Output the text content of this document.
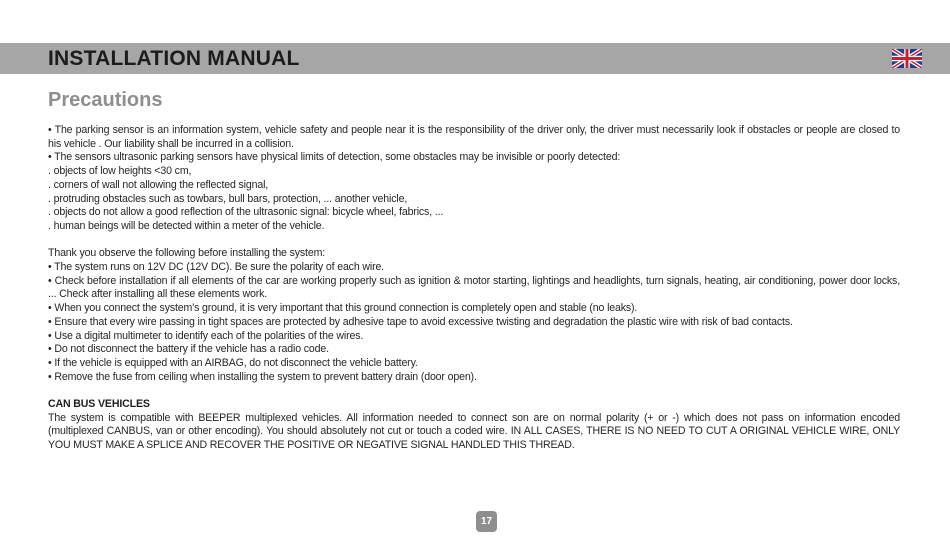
INSTALLATION MANUAL
Precautions

• The parking sensor is an information system, vehicle safety and people near it is the responsibility of the driver only, the driver must necessarily look if obstacles or people are closed to his vehicle . Our liability shall be incurred in a collision.

• The sensors ultrasonic parking sensors have physical limits of detection, some obstacles may be invisible or poorly detected:

. objects of low heights <30 cm,

. corners of wall not allowing the reflected signal,

. protruding obstacles such as towbars, bull bars, protection, ... another vehicle,

. objects do not allow a good reflection of the ultrasonic signal: bicycle wheel, fabrics, ...

. human beings will be detected within a meter of the vehicle.

Thank you observe the following before installing the system:

• The system runs on 12V DC (12V DC). Be sure the polarity of each wire.

• Check before installation if all elements of the car are working properly such as ignition & motor starting, lightings and headlights, turn signals, heating, air conditioning, power door locks, ... Check after installing all these elements work.

• When you connect the system's ground, it is very important that this ground connection is completely open and stable (no leaks).

• Ensure that every wire passing in tight spaces are protected by adhesive tape to avoid excessive twisting and degradation the plastic wire with risk of bad contacts.

• Use a digital multimeter to identify each of the polarities of the wires.

• Do not disconnect the battery if the vehicle has a radio code.

• If the vehicle is equipped with an AIRBAG, do not disconnect the vehicle battery.

• Remove the fuse from ceiling when installing the system to prevent battery drain (door open).

CAN BUS VEHICLES

The system is compatible with BEEPER multiplexed vehicles. All information needed to connect son are on normal polarity (+ or -) which does not pass on information encoded (multiplexed CANBUS, van or other encoding). You should absolutely not cut or touch a coded wire. IN ALL CASES, THERE IS NO NEED TO CUT A ORIGINAL VEHICLE WIRE, ONLY YOU MUST MAKE A SPLICE AND RECOVER THE POSITIVE OR NEGATIVE SIGNAL HANDLED THIS THREAD.

17
